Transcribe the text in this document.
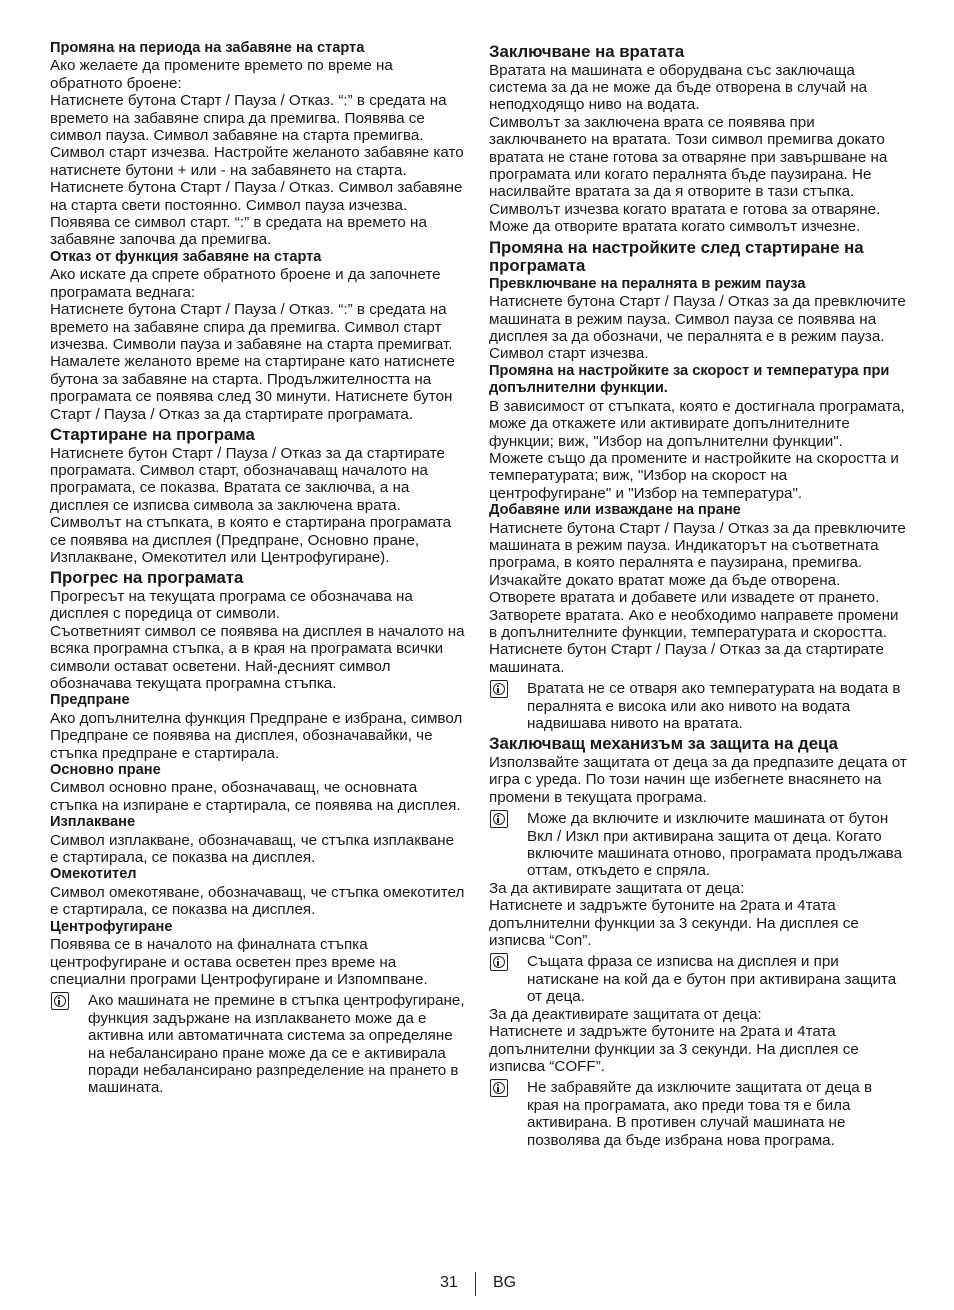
Промяна на периода на забавяне на старта
Ако желаете да промените времето по време на обратното броене:
Натиснете бутона Старт / Пауза / Отказ. “:” в средата на времето на забавяне спира да премигва. Появява се символ пауза. Символ забавяне на старта премигва. Символ старт изчезва. Настройте желаното забавяне като натиснете бутони + или - на забавянето на старта. Натиснете бутона Старт / Пауза / Отказ. Символ забавяне на старта свети постоянно. Символ пауза изчезва. Появява се символ старт. “:” в средата на времето на забавяне започва да премигва.
Отказ от функция забавяне на старта
Ако искате да спрете обратното броене и да започнете програмата веднага:
Натиснете бутона Старт / Пауза / Отказ. “:” в средата на времето на забавяне спира да премигва. Символ старт изчезва. Символи пауза и забавяне на старта премигват. Намалете желаното време на стартиране като натиснете бутона за забавяне на старта. Продължителността на програмата се появява след 30 минути. Натиснете бутон Старт / Пауза / Отказ за да стартирате програмата.
Стартиране на програма
Натиснете бутон Старт / Пауза / Отказ за да стартирате програмата. Символ старт, обозначаващ началото на програмата, се показва. Вратата се заключва, а на дисплея се изписва символа за заключена врата. Символът на стъпката, в която е стартирана програмата се появява на дисплея (Предпране, Основно пране, Изплакване, Омекотител или Центрофугиране).
Прогрес на програмата
Прогресът на текущата програма се обозначава на дисплея с поредица от символи.
Съответният символ се появява на дисплея в началото на всяка програмна стъпка, а в края на програмата всички символи остават осветени. Най-десният символ обозначава текущата програмна стъпка.
Предпране
Ако допълнителна функция Предпране е избрана, символ Предпране се появява на дисплея, обозначавайки, че стъпка предпране е стартирала.
Основно пране
Символ основно пране, обозначаващ, че основната стъпка на изпиране е стартирала, се появява на дисплея.
Изплакване
Символ изплакване, обозначаващ, че стъпка изплакване е стартирала, се показва на дисплея.
Омекотител
Символ омекотяване, обозначаващ, че стъпка омекотител е стартирала, се показва на дисплея.
Центрофугиране
Появява се в началото на финалната стъпка центрофугиране и остава осветен през време на специални програми Центрофугиране и Изпомпване.
Ако машината не премине в стъпка центрофугиране, функция задържане на изплакването може да е активна или автоматичната система за определяне на небалансирано пране може да се е активирала поради небалансирано разпределение на прането в машината.
Заключване на вратата
Вратата на машината е оборудвана със заключаща система за да не може да бъде отворена в случай на неподходящо ниво на водата.
Символът за заключена врата се появява при заключването на вратата. Този символ премигва докато вратата не стане готова за отваряне при завършване на програмата или когато пералнята бъде паузирана. Не насилвайте вратата за да я отворите в тази стъпка. Символът изчезва когато вратата е готова за отваряне. Може да отворите вратата когато символът изчезне.
Промяна на настройките след стартиране на програмата
Превключване на пералнята в режим пауза
Натиснете бутона Старт / Пауза / Отказ за да превключите машината в режим пауза. Символ пауза се появява на дисплея за да обозначи, че пералнята е в режим пауза. Символ старт изчезва.
Промяна на настройките за скорост и температура при допълнителни функции.
В зависимост от стъпката, която е достигнала програмата, може да откажете или активирате допълнителните функции; виж, "Избор на допълнителни функции".
Можете също да промените и настройките на скоростта и температурата; виж, "Избор на скорост на центрофугиране" и "Избор на температура".
Добавяне или изваждане на пране
Натиснете бутона Старт / Пауза / Отказ за да превключите машината в режим пауза. Индикаторът на съответната програма, в която пералнята е паузирана, премигва. Изчакайте докато вратат може да бъде отворена.
Отворете вратата и добавете или извадете от прането. Затворете вратата. Ако е необходимо направете промени в допълнителните функции, температурата и скоростта. Натиснете бутон Старт / Пауза / Отказ за да стартирате машината.
Вратата не се отваря ако температурата на водата в пералнята е висока или ако нивото на водата надвишава нивото на вратата.
Заключващ механизъм за защита на деца
Използвайте защитата от деца за да предпазите децата от игра с уреда. По този начин ще избегнете внасянето на промени в текущата програма.
Може да включите и изключите машината от бутон Вкл / Изкл при активирана защита от деца. Когато включите машината отново, програмата продължава оттам, откъдето е спряла.
За да активирате защитата от деца:
Натиснете и задръжте бутоните на 2рата и 4тата допълнителни функции за 3 секунди. На дисплея се изписва “Con”.
Същата фраза се изписва на дисплея и при натискане на кой да е бутон при активирана защита от деца.
За да деактивирате защитата от деца:
Натиснете и задръжте бутоните на 2рата и 4тата допълнителни функции за 3 секунди. На дисплея се изписва “COFF”.
Не забравяйте да изключите защитата от деца в края на програмата, ако преди това тя е била активирана. В противен случай машината не позволява да бъде избрана нова програма.
31 BG
